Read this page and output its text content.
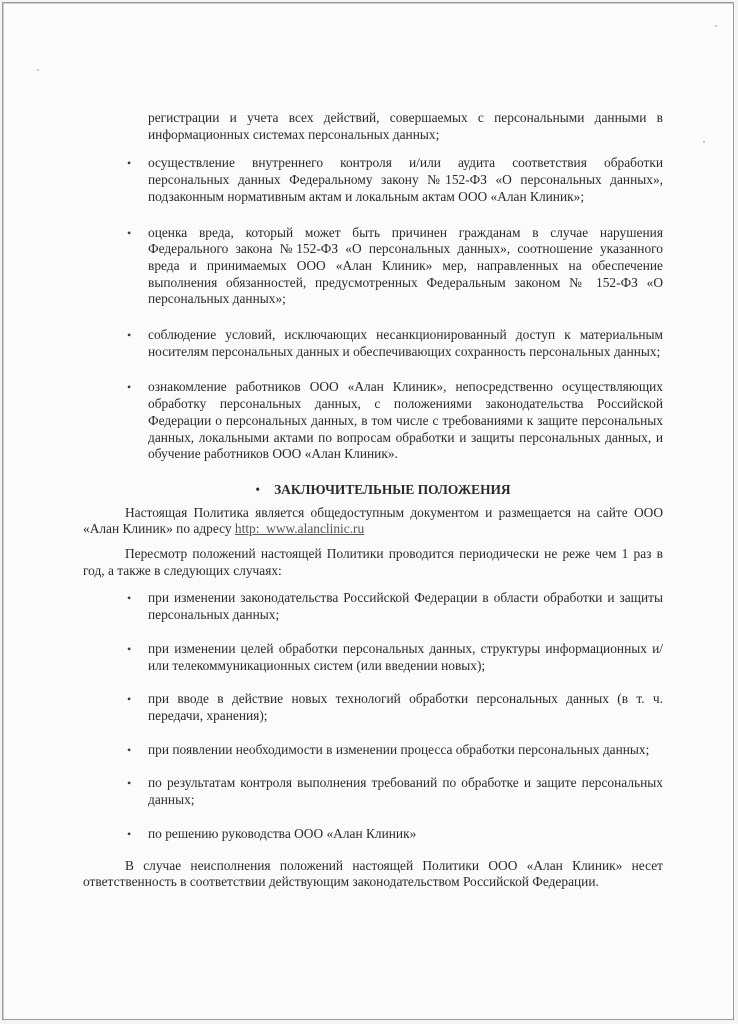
регистрации и учета всех действий, совершаемых с персональными данными в информационных системах персональных данных;
• осуществление внутреннего контроля и/или аудита соответствия обработки персональных данных Федеральному закону №152-ФЗ «О персональных данных», подзаконным нормативным актам и локальным актам ООО «Алан Клиник»;
• оценка вреда, который может быть причинен гражданам в случае нарушения Федерального закона №152-ФЗ «О персональных данных», соотношение указанного вреда и принимаемых ООО «Алан Клиник» мер, направленных на обеспечение выполнения обязанностей, предусмотренных Федеральным законом № 152-ФЗ «О персональных данных»;
• соблюдение условий, исключающих несанкционированный доступ к материальным носителям персональных данных и обеспечивающих сохранность персональных данных;
• ознакомление работников ООО «Алан Клиник», непосредственно осуществляющих обработку персональных данных, с положениями законодательства Российской Федерации о персональных данных, в том числе с требованиями к защите персональных данных, локальными актами по вопросам обработки и защиты персональных данных, и обучение работников ООО «Алан Клиник».
• ЗАКЛЮЧИТЕЛЬНЫЕ ПОЛОЖЕНИЯ
Настоящая Политика является общедоступным документом и размещается на сайте ООО «Алан Клиник» по адресу http:_www.alanclinic.ru
Пересмотр положений настоящей Политики проводится периодически не реже чем 1 раз в год, а также в следующих случаях:
• при изменении законодательства Российской Федерации в области обработки и защиты персональных данных;
• при изменении целей обработки персональных данных, структуры информационных и/или телекоммуникационных систем (или введении новых);
• при вводе в действие новых технологий обработки персональных данных (в т. ч. передачи, хранения);
• при появлении необходимости в изменении процесса обработки персональных данных;
• по результатам контроля выполнения требований по обработке и защите персональных данных;
• по решению руководства ООО «Алан Клиник»
В случае неисполнения положений настоящей Политики ООО «Алан Клиник» несет ответственность в соответствии действующим законодательством Российской Федерации.
